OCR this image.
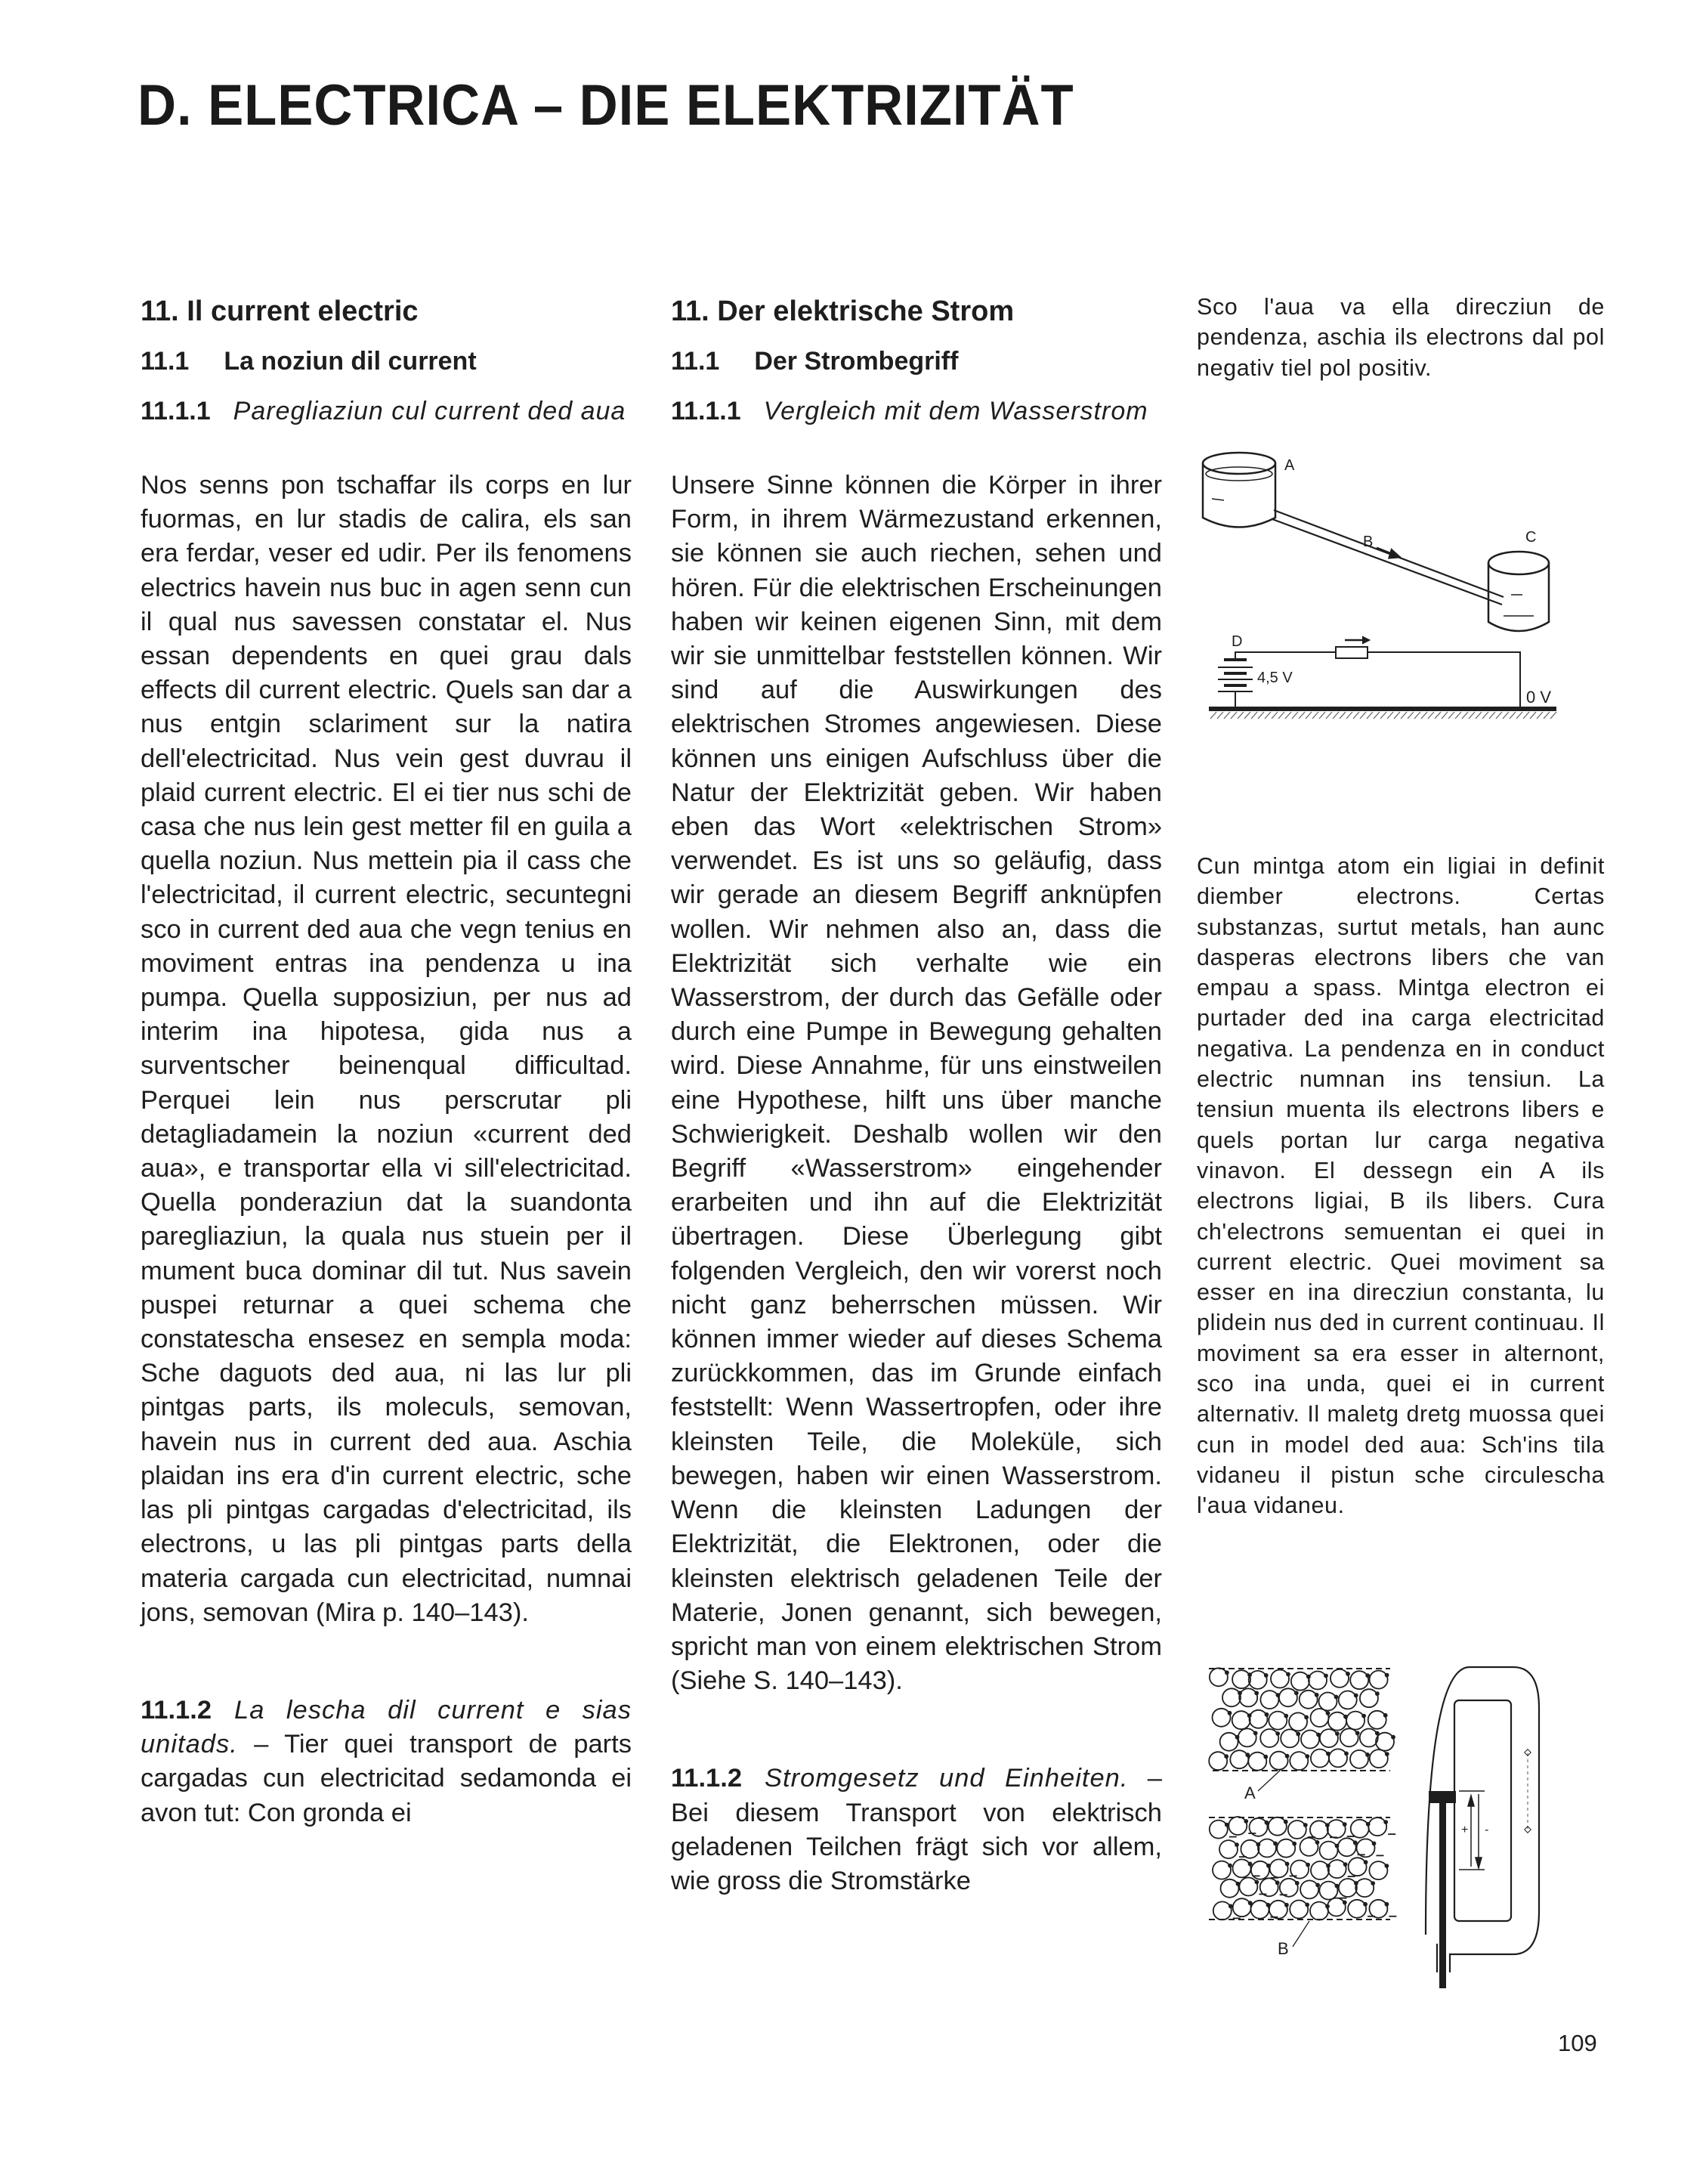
D. ELECTRICA – DIE ELEKTRIZITÄT
11. Il current electric
11.1 La noziun dil current
11.1.1 Paregliaziun cul current ded aua

Nos senns pon tschaffar ils corps en lur fuormas, en lur stadis de calira, els san era ferdar, veser ed udir. Per ils fenomens electrics havein nus buc in agen senn cun il qual nus savessen constatar el. Nus essan dependents en quei grau dals effects dil current electric. Quels san dar a nus entgin sclariment sur la natira dell'electricitad. Nus vein gest duvrau il plaid current electric. El ei tier nus schi de casa che nus lein gest metter fil en guila a quella noziun. Nus mettein pia il cass che l'electricitad, il current electric, secuntegni sco in current ded aua che vegn tenius en moviment entras ina pendenza u ina pumpa. Quella supposiziun, per nus ad interim ina hipotesa, gida nus a surventscher beinenqual difficultad. Perquei lein nus perscrutar pli detagliadamein la noziun «current ded aua», e transportar ella vi sill'electricitad. Quella ponderaziun dat la suandonta paregliaziun, la quala nus stuein per il mument buca dominar dil tut. Nus savein puspei returnar a quei schema che constatescha ensesez en sempla moda: Sche daguots ded aua, ni las lur pli pintgas parts, ils moleculs, semovan, havein nus in current ded aua. Aschia plaidan ins era d'in current electric, sche las pli pintgas cargadas d'electricitad, ils electrons, u las pli pintgas parts della materia cargada cun electricitad, numnai jons, semovan (Mira p. 140–143).

11.1.2 La lescha dil current e sias unitads. – Tier quei transport de parts cargadas cun electricitad sedamonda ei avon tut: Con gronda ei

11. Der elektrische Strom
11.1 Der Strombegriff
11.1.1 Vergleich mit dem Wasserstrom

Unsere Sinne können die Körper in ihrer Form, in ihrem Wärmezustand erkennen, sie können sie auch riechen, sehen und hören. Für die elektrischen Erscheinungen haben wir keinen eigenen Sinn, mit dem wir sie unmittelbar feststellen können. Wir sind auf die Auswirkungen des elektrischen Stromes angewiesen. Diese können uns einigen Aufschluss über die Natur der Elektrizität geben. Wir haben eben das Wort «elektrischen Strom» verwendet. Es ist uns so geläufig, dass wir gerade an diesem Begriff anknüpfen wollen. Wir nehmen also an, dass die Elektrizität sich verhalte wie ein Wasserstrom, der durch das Gefälle oder durch eine Pumpe in Bewegung gehalten wird. Diese Annahme, für uns einstweilen eine Hypothese, hilft uns über manche Schwierigkeit. Deshalb wollen wir den Begriff «Wasserstrom» eingehender erarbeiten und ihn auf die Elektrizität übertragen. Diese Überlegung gibt folgenden Vergleich, den wir vorerst noch nicht ganz beherrschen müssen. Wir können immer wieder auf dieses Schema zurückkommen, das im Grunde einfach feststellt: Wenn Wassertropfen, oder ihre kleinsten Teile, die Moleküle, sich bewegen, haben wir einen Wasserstrom. Wenn die kleinsten Ladungen der Elektrizität, die Elektronen, oder die kleinsten elektrisch geladenen Teile der Materie, Jonen genannt, sich bewegen, spricht man von einem elektrischen Strom (Siehe S. 140–143).

11.1.2 Stromgesetz und Einheiten. – Bei diesem Transport von elektrisch geladenen Teilchen frägt sich vor allem, wie gross die Stromstärke

Sco l'aua va ella direcziun de pendenza, aschia ils electrons dal pol negativ tiel pol positiv.

Cun mintga atom ein ligiai in definit diember electrons. Certas substanzas, surtut metals, han aunc dasperas electrons libers che van empau a spass. Mintga electron ei purtader ded ina carga electricitad negativa. La pendenza en in conduct electric numnan ins tensiun. La tensiun muenta ils electrons libers e quels portan lur carga negativa vinavon. El dessegn ein A ils electrons ligiai, B ils libers. Cura ch'electrons semuentan ei quei in current electric. Quei moviment sa esser en ina direcziun constanta, lu plidein nus ded in current continuau. Il moviment sa era esser in alternont, sco ina unda, quei ei in current alternativ. Il maletg dretg muossa quei cun in model ded aua: Sch'ins tila vidaneu il pistun sche circulescha l'aua vidaneu.

A
B	C
D
4,5 V
0 V
A
B
+ -
109
